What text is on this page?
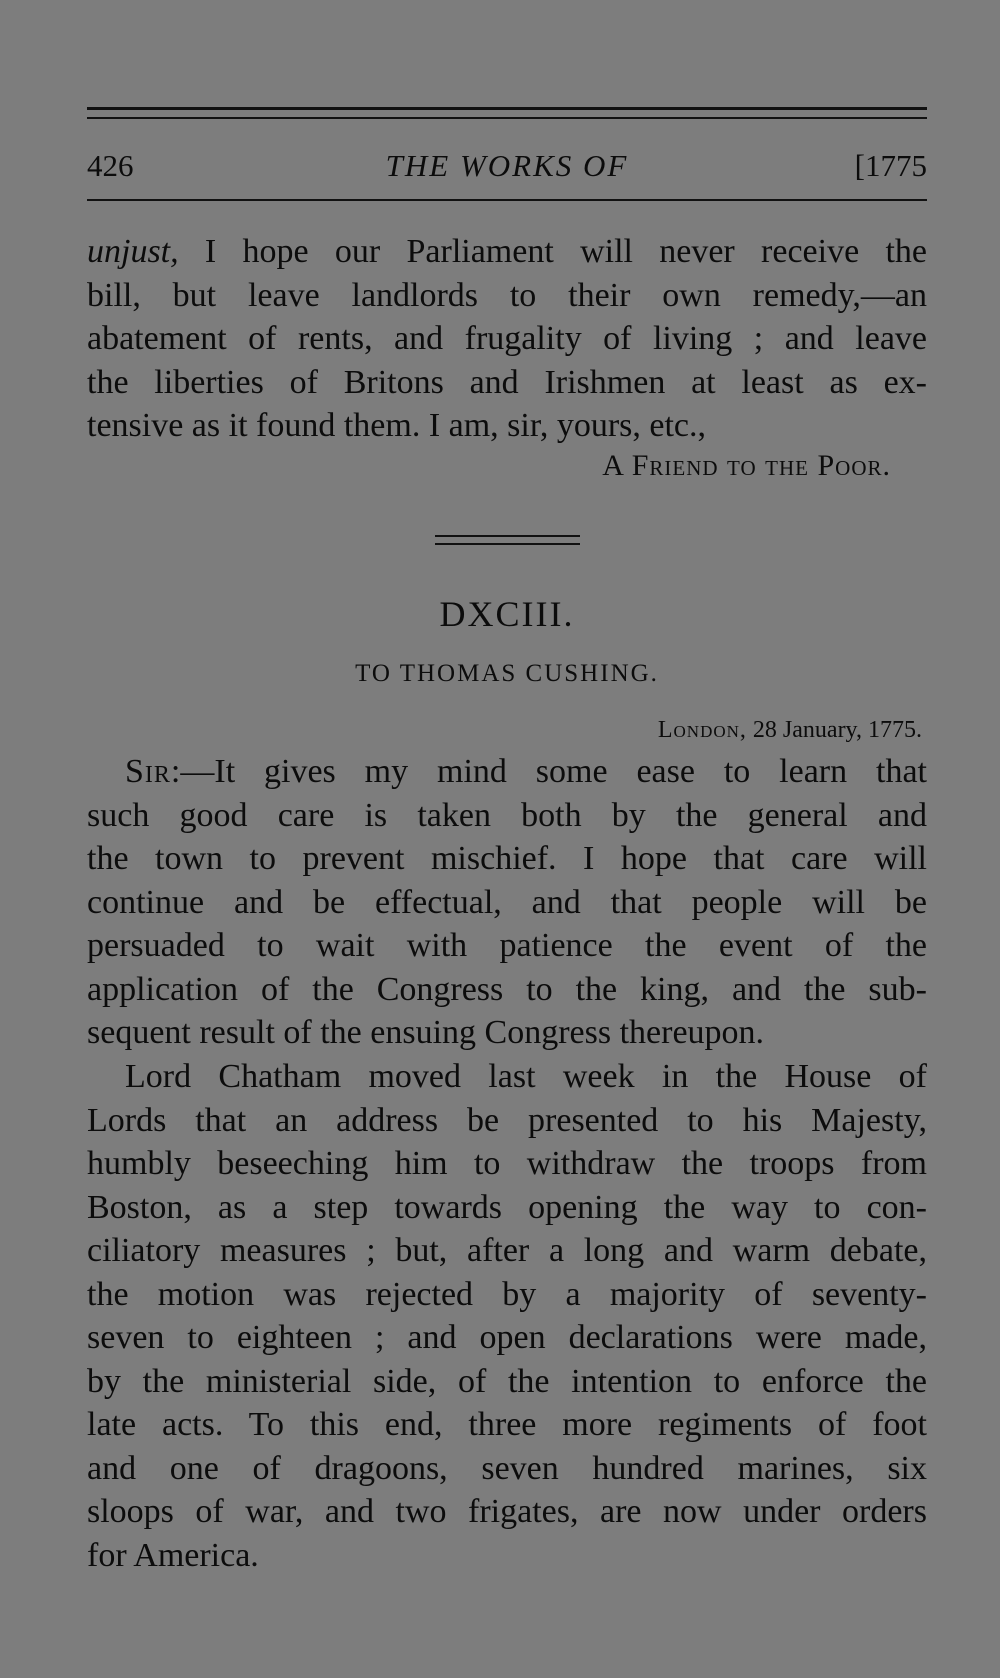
426	THE WORKS OF	[1775
unjust, I hope our Parliament will never receive the
bill, but leave landlords to their own remedy,—an
abatement of rents, and frugality of living ; and leave
the liberties of Britons and Irishmen at least as ex-
tensive as it found them. I am, sir, yours, etc.,
A Friend to the Poor.
DXCIII.
TO THOMAS CUSHING.
London, 28 January, 1775.
Sir:—It gives my mind some ease to learn that
such good care is taken both by the general and
the town to prevent mischief. I hope that care will
continue and be effectual, and that people will be
persuaded to wait with patience the event of the
application of the Congress to the king, and the sub-
sequent result of the ensuing Congress thereupon.
Lord Chatham moved last week in the House of
Lords that an address be presented to his Majesty,
humbly beseeching him to withdraw the troops from
Boston, as a step towards opening the way to con-
ciliatory measures ; but, after a long and warm debate,
the motion was rejected by a majority of seventy-
seven to eighteen ; and open declarations were made,
by the ministerial side, of the intention to enforce the
late acts. To this end, three more regiments of foot
and one of dragoons, seven hundred marines, six
sloops of war, and two frigates, are now under orders
for America.
